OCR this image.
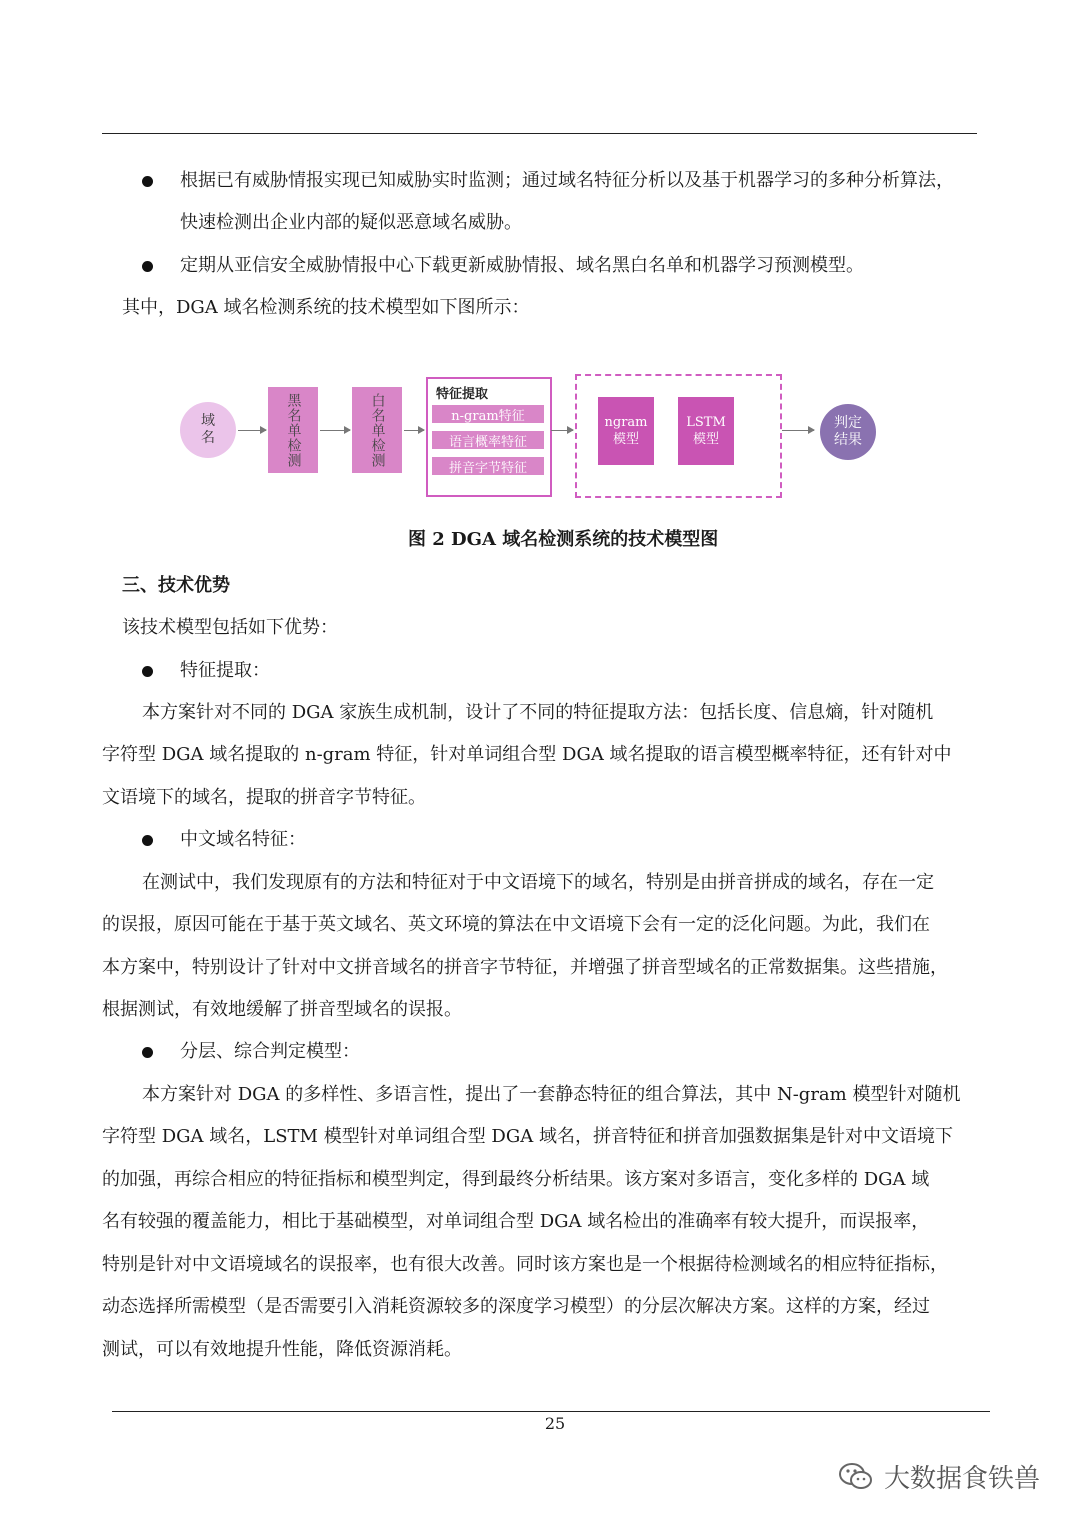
根据已有威胁情报实现已知威胁实时监测；通过域名特征分析以及基于机器学习的多种分析算法，
快速检测出企业内部的疑似恶意域名威胁。
定期从亚信安全威胁情报中心下载更新威胁情报、域名黑白名单和机器学习预测模型。
其中，DGA 域名检测系统的技术模型如下图所示：
域名	黑名单检测	白名单检测	特征提取
n-gram特征
语言概率特征
拼音字节特征
ngram
模型
LSTM
模型
判定结果
图 2 DGA 域名检测系统的技术模型图
三、技术优势
该技术模型包括如下优势：
特征提取：
本方案针对不同的 DGA 家族生成机制，设计了不同的特征提取方法：包括长度、信息熵，针对随机
字符型 DGA 域名提取的 n-gram 特征，针对单词组合型 DGA 域名提取的语言模型概率特征，还有针对中
文语境下的域名，提取的拼音字节特征。
中文域名特征：
在测试中，我们发现原有的方法和特征对于中文语境下的域名，特别是由拼音拼成的域名，存在一定
的误报，原因可能在于基于英文域名、英文环境的算法在中文语境下会有一定的泛化问题。为此，我们在
本方案中，特别设计了针对中文拼音域名的拼音字节特征，并增强了拼音型域名的正常数据集。这些措施，
根据测试，有效地缓解了拼音型域名的误报。
分层、综合判定模型：
本方案针对 DGA 的多样性、多语言性，提出了一套静态特征的组合算法，其中 N-gram 模型针对随机
字符型 DGA 域名，LSTM 模型针对单词组合型 DGA 域名，拼音特征和拼音加强数据集是针对中文语境下
的加强，再综合相应的特征指标和模型判定，得到最终分析结果。该方案对多语言，变化多样的 DGA 域
名有较强的覆盖能力，相比于基础模型，对单词组合型 DGA 域名检出的准确率有较大提升，而误报率，
特别是针对中文语境域名的误报率，也有很大改善。同时该方案也是一个根据待检测域名的相应特征指标，
动态选择所需模型（是否需要引入消耗资源较多的深度学习模型）的分层次解决方案。这样的方案，经过
测试，可以有效地提升性能，降低资源消耗。
25
大数据食铁兽
